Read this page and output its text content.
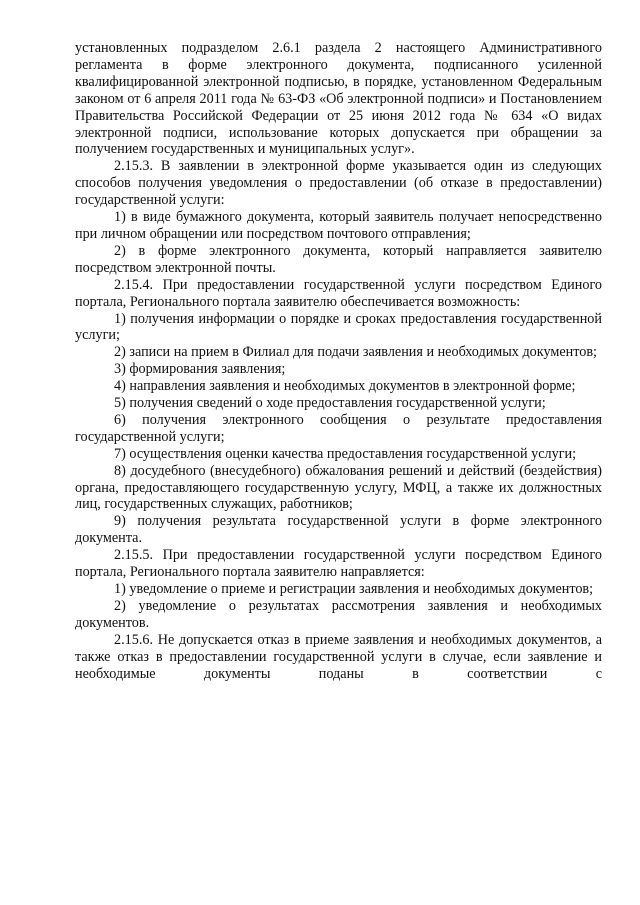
установленных подразделом 2.6.1 раздела 2 настоящего Административного регламента в форме электронного документа, подписанного усиленной квалифицированной электронной подписью, в порядке, установленном Федеральным законом от 6 апреля 2011 года № 63-ФЗ «Об электронной подписи» и Постановлением Правительства Российской Федерации от 25 июня 2012 года № 634 «О видах электронной подписи, использование которых допускается при обращении за получением государственных и муниципальных услуг».

2.15.3. В заявлении в электронной форме указывается один из следующих способов получения уведомления о предоставлении (об отказе в предоставлении) государственной услуги:

1) в виде бумажного документа, который заявитель получает непосредственно при личном обращении или посредством почтового отправления;

2) в форме электронного документа, который направляется заявителю посредством электронной почты.

2.15.4. При предоставлении государственной услуги посредством Единого портала, Регионального портала заявителю обеспечивается возможность:

1) получения информации о порядке и сроках предоставления государственной услуги;

2) записи на прием в Филиал для подачи заявления и необходимых документов;

3) формирования заявления;

4) направления заявления и необходимых документов в электронной форме;

5) получения сведений о ходе предоставления государственной услуги;

6) получения электронного сообщения о результате предоставления государственной услуги;

7) осуществления оценки качества предоставления государственной услуги;

8) досудебного (внесудебного) обжалования решений и действий (бездействия) органа, предоставляющего государственную услугу, МФЦ, а также их должностных лиц, государственных служащих, работников;

9) получения результата государственной услуги в форме электронного документа.

2.15.5. При предоставлении государственной услуги посредством Единого портала, Регионального портала заявителю направляется:

1) уведомление о приеме и регистрации заявления и необходимых документов;

2) уведомление о результатах рассмотрения заявления и необходимых документов.

2.15.6. Не допускается отказ в приеме заявления и необходимых документов, а также отказ в предоставлении государственной услуги в случае, если заявление и необходимые документы поданы в соответствии с
